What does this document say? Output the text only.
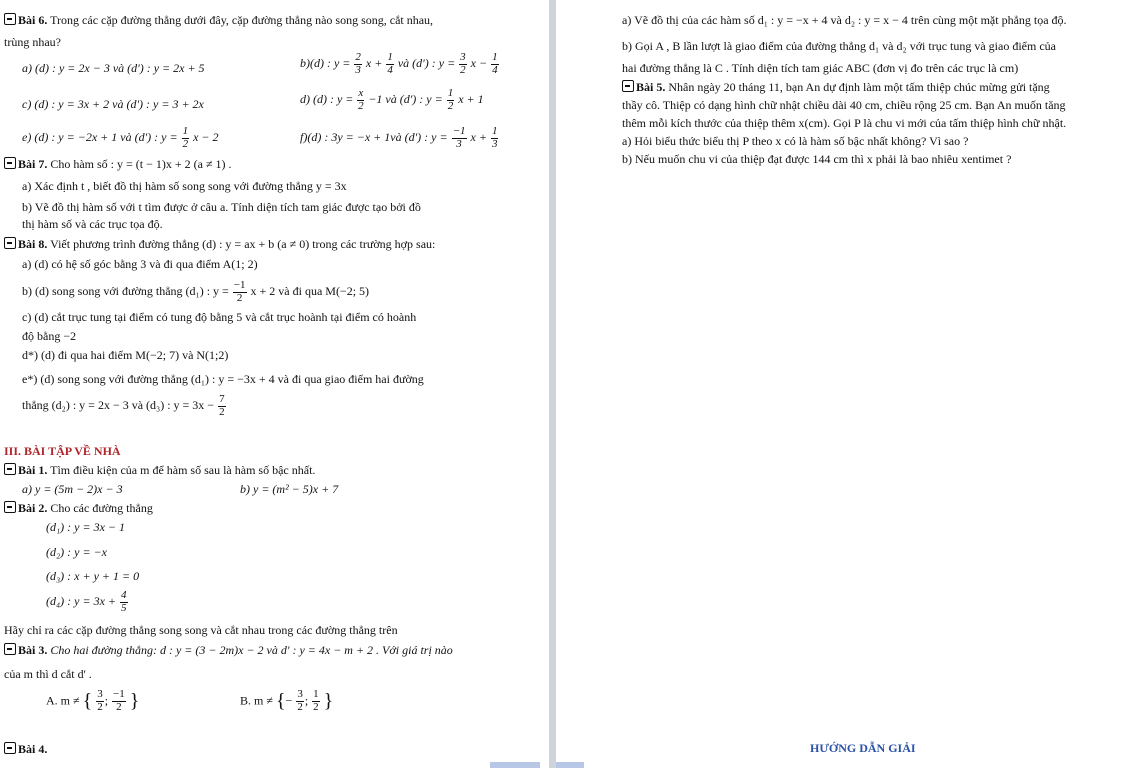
Bài 6. Trong các cặp đường thẳng dưới đây, cặp đường thẳng nào song song, cắt nhau,
trùng nhau?
a) (d) : y = 2x − 3 và (d') : y = 2x + 5	b)(d) : $y = \frac{2}{3}$ $x + \frac{1}{4}$ và (d') : $y = \frac{3}{2}$ $x - \frac{1}{4}$
c) (d) : y = 3x + 2 và (d') : y = 3 + 2x	d) (d) : $y = \frac{x}{2} -1$ và (d') : $y = \frac{1}{2}$ x + 1
e) (d) : y = −2x + 1 và (d') : $y = \frac{1}{2}$ x − 2	f)(d) : 3y = −x + 1và (d') : $y = \frac{-1}{3}$ $x + \frac{1}{3}$
Bài 7. Cho hàm số : y = (t − 1)x + 2 (a ≠ 1) .
a) Xác định t , biết đồ thị hàm số song song với đường thẳng y = 3x
b) Vẽ đồ thị hàm số với t tìm được ở câu a. Tính diện tích tam giác được tạo bởi đồ
thị hàm số và các trục tọa độ.
Bài 8. Viết phương trình đường thẳng (d) : y = ax + b (a ≠ 0) trong các trường hợp sau:
a) (d) có hệ số góc bằng 3 và đi qua điểm A(1; 2)
b) (d) song song với đường thẳng (d₁) : $y = \frac{-1}{2}$ x + 2 và đi qua M(−2; 5)
c) (d) cắt trục tung tại điểm có tung độ bằng 5 và cắt trục hoành tại điểm có hoành
độ bằng −2
d*) (d) đi qua hai điểm M(−2; 7) và N(1;2)
e*) (d) song song với đường thẳng (d₁) : y = −3x + 4 và đi qua giao điểm hai đường
thẳng (d₂) : y = 2x − 3 và (d₃) : $y = 3x - \frac{7}{2}$
III. BÀI TẬP VỀ NHÀ
Bài 1. Tìm điều kiện của m để hàm số sau là hàm số bậc nhất.
a) y = (5m − 2)x − 3	b) y = (m² − 5)x + 7
Bài 2. Cho các đường thẳng
(d₁) : y = 3x − 1
(d₂) : y = −x
(d₃) : x + y + 1 = 0
(d₄) : $y = 3x + \frac{4}{5}$
Hãy chỉ ra các cặp đường thẳng song song và cắt nhau trong các đường thẳng trên
Bài 3. Cho hai đường thẳng: d : y = (3 − 2m)x − 2 và d' : y = 4x − m + 2 . Với giá trị nào
của m thì d cắt d' .
A. m ≠ { $\frac{3}{2}$ ; $\frac{-1}{2}$ }	B. m ≠ {− $\frac{3}{2}$ ; $\frac{1}{2}$ }
Bài 4.
a) Vẽ đồ thị của các hàm số d₁ : y = −x + 4 và d₂ : y = x − 4 trên cùng một mặt phẳng tọa độ.
b) Gọi A , B lần lượt là giao điểm của đường thẳng d₁ và d₂ với trục tung và giao điểm của
hai đường thẳng là C . Tính diện tích tam giác ABC (đơn vị đo trên các trục là cm)
Bài 5. Nhân ngày 20 tháng 11, bạn An dự định làm một tấm thiệp chúc mừng gửi tặng
thầy cô. Thiệp có dạng hình chữ nhật chiều dài 40 cm, chiều rộng 25 cm. Bạn An muốn tăng
thêm mỗi kích thước của thiệp thêm x(cm). Gọi P là chu vi mới của tấm thiệp hình chữ nhật.
a) Hỏi biểu thức biểu thị P theo x có là hàm số bậc nhất không? Vì sao ?
b) Nếu muốn chu vi của thiệp đạt được 144 cm thì x phải là bao nhiêu xentimet ?
HƯỚNG DẪN GIẢI
